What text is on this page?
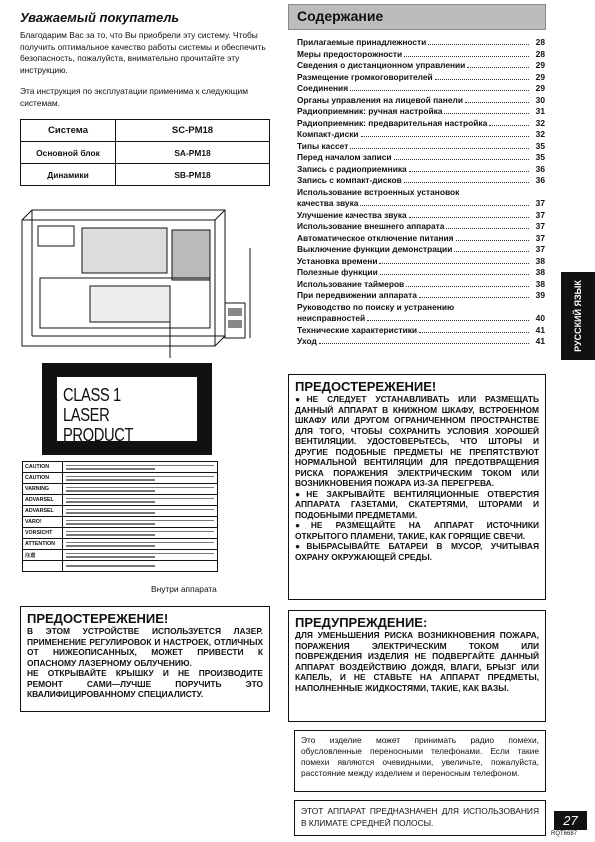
Уважаемый покупатель
Благодарим Вас за то, что Вы приобрели эту систему. Чтобы получить оптимальное качество работы системы и обеспечить безопасность, пожалуйста, внимательно прочитайте эту инструкцию.
Эта инструкция по эксплуатации применима к следующим системам.
Система	SC-PM18
Основной блок	SA-PM18
Динамики	SB-PM18
CLASS 1
LASER PRODUCT
CAUTION	

CAUTION	

VARNING	

ADVARSEL	

ADVARSEL	

VARO!	

VORSICHT	

ATTENTION	

注意	

Внутри аппарата
ПРЕДОСТЕРЕЖЕНИЕ!
В ЭТОМ УСТРОЙСТВЕ ИСПОЛЬЗУЕТСЯ ЛАЗЕР. ПРИМЕНЕНИЕ РЕГУЛИРОВОК И НАСТРОЕК, ОТЛИЧНЫХ ОТ НИЖЕОПИСАННЫХ, МОЖЕТ ПРИВЕСТИ К ОПАСНОМУ ЛАЗЕРНОМУ ОБЛУЧЕНИЮ.
НЕ ОТКРЫВАЙТЕ КРЫШКУ И НЕ ПРОИЗВОДИТЕ РЕМОНТ САМИ—ЛУЧШЕ ПОРУЧИТЬ ЭТО КВАЛИФИЦИРОВАННОМУ СПЕЦИАЛИСТУ.
Содержание
Прилагаемые принадлежности	28
Меры предосторожности	28
Сведения о дистанционном управлении	29
Размещение громкоговорителей	29
Соединения	29
Органы управления на лицевой панели	30
Радиоприемник: ручная настройка	31
Радиоприемник: предварительная настройка	32
Компакт-диски	32
Типы кассет	35
Перед началом записи	35
Запись с радиоприемника	36
Запись с компакт-дисков	36
Использование встроенных установок
качества звука	37
Улучшение качества звука	37
Использование внешнего аппарата	37
Автоматическое отключение питания	37
Выключение функции демонстрации	37
Установка времени	38
Полезные функции	38
Использование таймеров	38
При передвижении аппарата	39
Руководство по поиску и устранению
неисправностей	40
Технические характеристики	41
Уход	41	РУССКИЙ ЯЗЫК
ПРЕДОСТЕРЕЖЕНИЕ!
●НЕ СЛЕДУЕТ УСТАНАВЛИВАТЬ ИЛИ РАЗМЕЩАТЬ ДАННЫЙ АППАРАТ В КНИЖНОМ ШКАФУ, ВСТРОЕННОМ ШКАФУ ИЛИ ДРУГОМ ОГРАНИЧЕННОМ ПРОСТРАНСТВЕ ДЛЯ ТОГО, ЧТОБЫ СОХРАНИТЬ УСЛОВИЯ ХОРОШЕЙ ВЕНТИЛЯЦИИ. УДОСТОВЕРЬТЕСЬ, ЧТО ШТОРЫ И ДРУГИЕ ПОДОБНЫЕ ПРЕДМЕТЫ НЕ ПРЕПЯТСТВУЮТ НОРМАЛЬНОЙ ВЕНТИЛЯЦИИ ДЛЯ ПРЕДОТВРАЩЕНИЯ РИСКА ПОРАЖЕНИЯ ЭЛЕКТРИЧЕСКИМ ТОКОМ ИЛИ ВОЗНИКНОВЕНИЯ ПОЖАРА ИЗ-ЗА ПЕРЕГРЕВА.
●НЕ ЗАКРЫВАЙТЕ ВЕНТИЛЯЦИОННЫЕ ОТВЕРСТИЯ АППАРАТА ГАЗЕТАМИ, СКАТЕРТЯМИ, ШТОРАМИ И ПОДОБНЫМИ ПРЕДМЕТАМИ.
●НЕ РАЗМЕЩАЙТЕ НА АППАРАТ ИСТОЧНИКИ ОТКРЫТОГО ПЛАМЕНИ, ТАКИЕ, КАК ГОРЯЩИЕ СВЕЧИ.
●ВЫБРАСЫВАЙТЕ БАТАРЕИ В МУСОР, УЧИТЫВАЯ ОХРАНУ ОКРУЖАЮЩЕЙ СРЕДЫ.
ПРЕДУПРЕЖДЕНИЕ:
ДЛЯ УМЕНЬШЕНИЯ РИСКА ВОЗНИКНОВЕНИЯ ПОЖАРА, ПОРАЖЕНИЯ ЭЛЕКТРИЧЕСКИМ ТОКОМ ИЛИ ПОВРЕЖДЕНИЯ ИЗДЕЛИЯ НЕ ПОДВЕРГАЙТЕ ДАННЫЙ АППАРАТ ВОЗДЕЙСТВИЮ ДОЖДЯ, ВЛАГИ, БРЫЗГ ИЛИ КАПЕЛЬ, И НЕ СТАВЬТЕ НА АППАРАТ ПРЕДМЕТЫ, НАПОЛНЕННЫЕ ЖИДКОСТЯМИ, ТАКИЕ, КАК ВАЗЫ.
Это изделие может принимать радио помехи, обусловленные переносными телефонами. Если такие помехи являются очевидными, увеличьте, пожалуйста, расстояние между изделием и переносным телефоном.
ЭТОТ АППАРАТ ПРЕДНАЗНАЧЕН ДЛЯ ИСПОЛЬЗОВАНИЯ В КЛИМАТЕ СРЕДНЕЙ ПОЛОСЫ.	27
RQT6687
